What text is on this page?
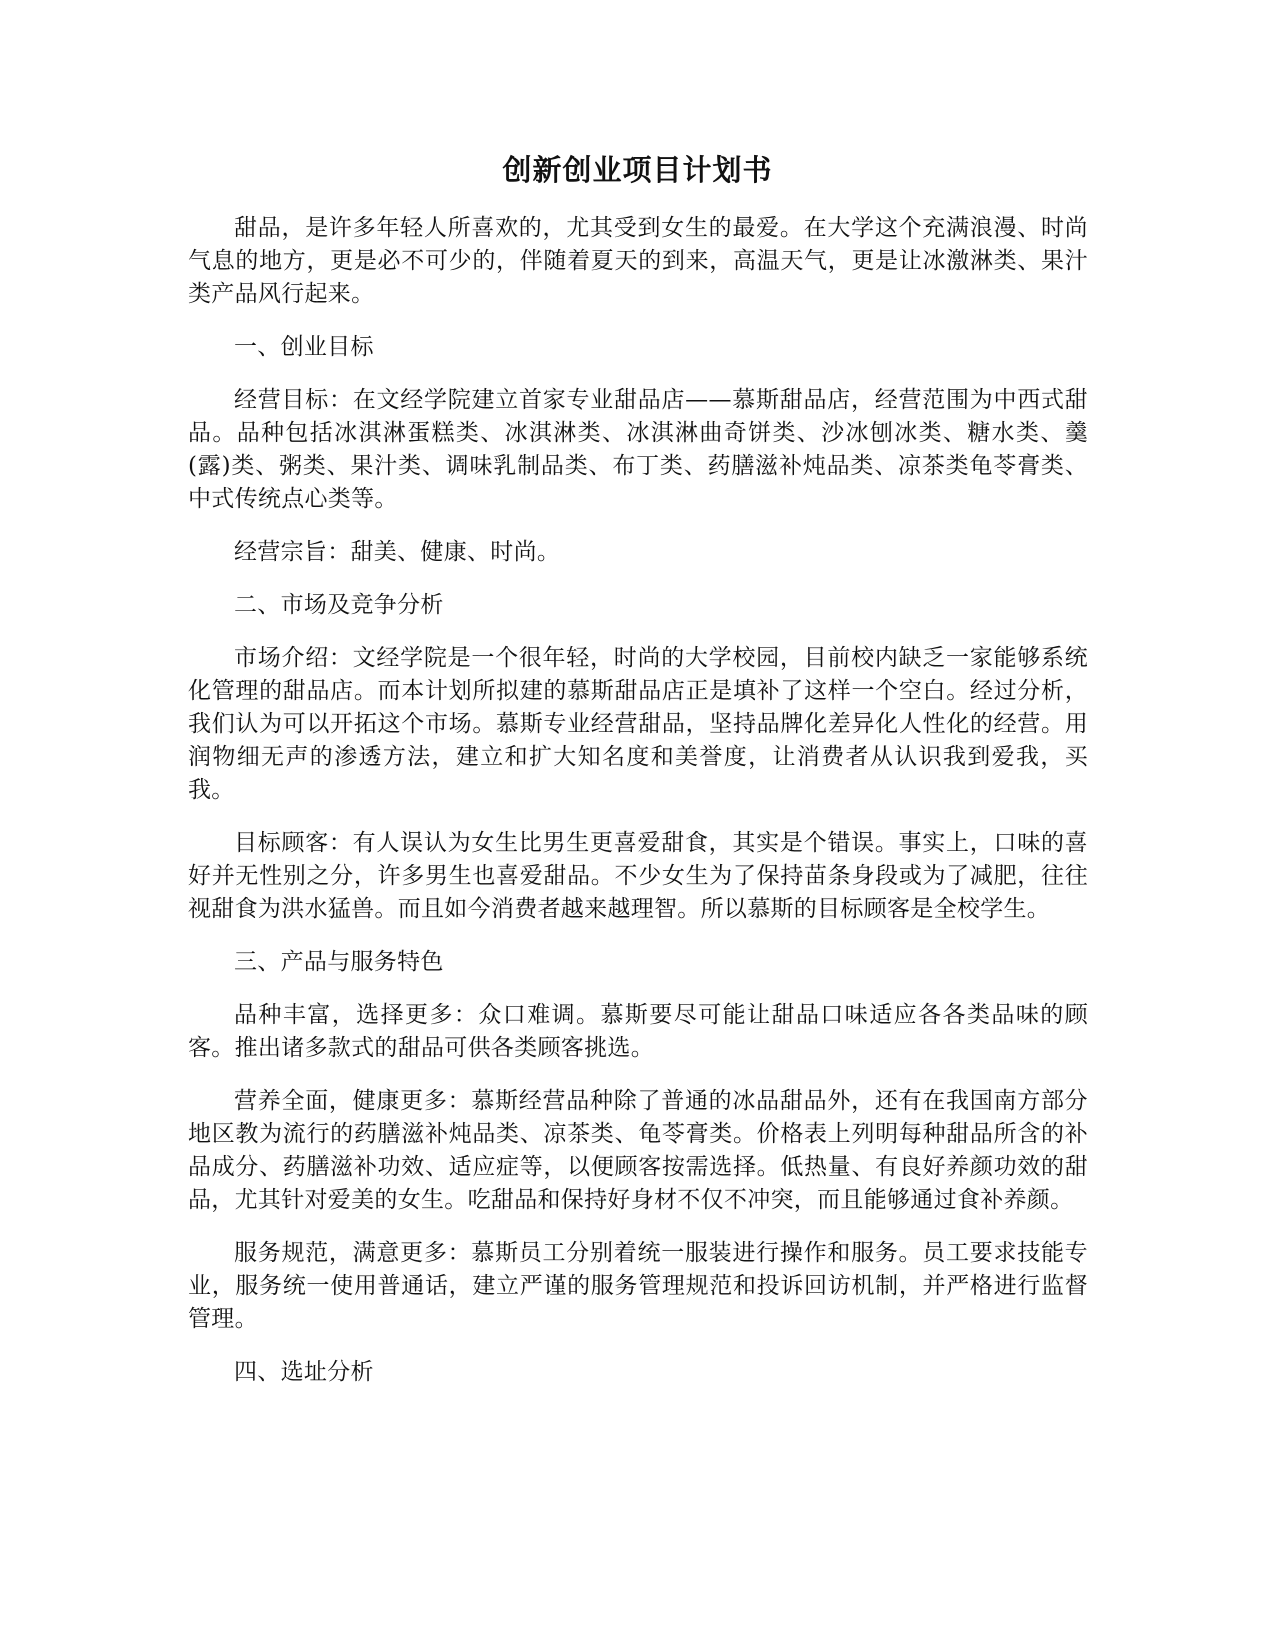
创新创业项目计划书

甜品，是许多年轻人所喜欢的，尤其受到女生的最爱。在大学这个充满浪漫、时尚气息的地方，更是必不可少的，伴随着夏天的到来，高温天气，更是让冰激淋类、果汁类产品风行起来。

一、创业目标

经营目标：在文经学院建立首家专业甜品店——慕斯甜品店，经营范围为中西式甜品。品种包括冰淇淋蛋糕类、冰淇淋类、冰淇淋曲奇饼类、沙冰刨冰类、糖水类、羹(露)类、粥类、果汁类、调味乳制品类、布丁类、药膳滋补炖品类、凉茶类龟苓膏类、中式传统点心类等。

经营宗旨：甜美、健康、时尚。

二、市场及竞争分析

市场介绍：文经学院是一个很年轻，时尚的大学校园，目前校内缺乏一家能够系统化管理的甜品店。而本计划所拟建的慕斯甜品店正是填补了这样一个空白。经过分析，我们认为可以开拓这个市场。慕斯专业经营甜品，坚持品牌化差异化人性化的经营。用润物细无声的渗透方法，建立和扩大知名度和美誉度，让消费者从认识我到爱我，买我。

目标顾客：有人误认为女生比男生更喜爱甜食，其实是个错误。事实上，口味的喜好并无性别之分，许多男生也喜爱甜品。不少女生为了保持苗条身段或为了减肥，往往视甜食为洪水猛兽。而且如今消费者越来越理智。所以慕斯的目标顾客是全校学生。

三、产品与服务特色

品种丰富，选择更多：众口难调。慕斯要尽可能让甜品口味适应各各类品味的顾客。推出诸多款式的甜品可供各类顾客挑选。

营养全面，健康更多：慕斯经营品种除了普通的冰品甜品外，还有在我国南方部分地区教为流行的药膳滋补炖品类、凉茶类、龟苓膏类。价格表上列明每种甜品所含的补品成分、药膳滋补功效、适应症等，以便顾客按需选择。低热量、有良好养颜功效的甜品，尤其针对爱美的女生。吃甜品和保持好身材不仅不冲突，而且能够通过食补养颜。

服务规范，满意更多：慕斯员工分别着统一服装进行操作和服务。员工要求技能专业，服务统一使用普通话，建立严谨的服务管理规范和投诉回访机制，并严格进行监督管理。

四、选址分析
